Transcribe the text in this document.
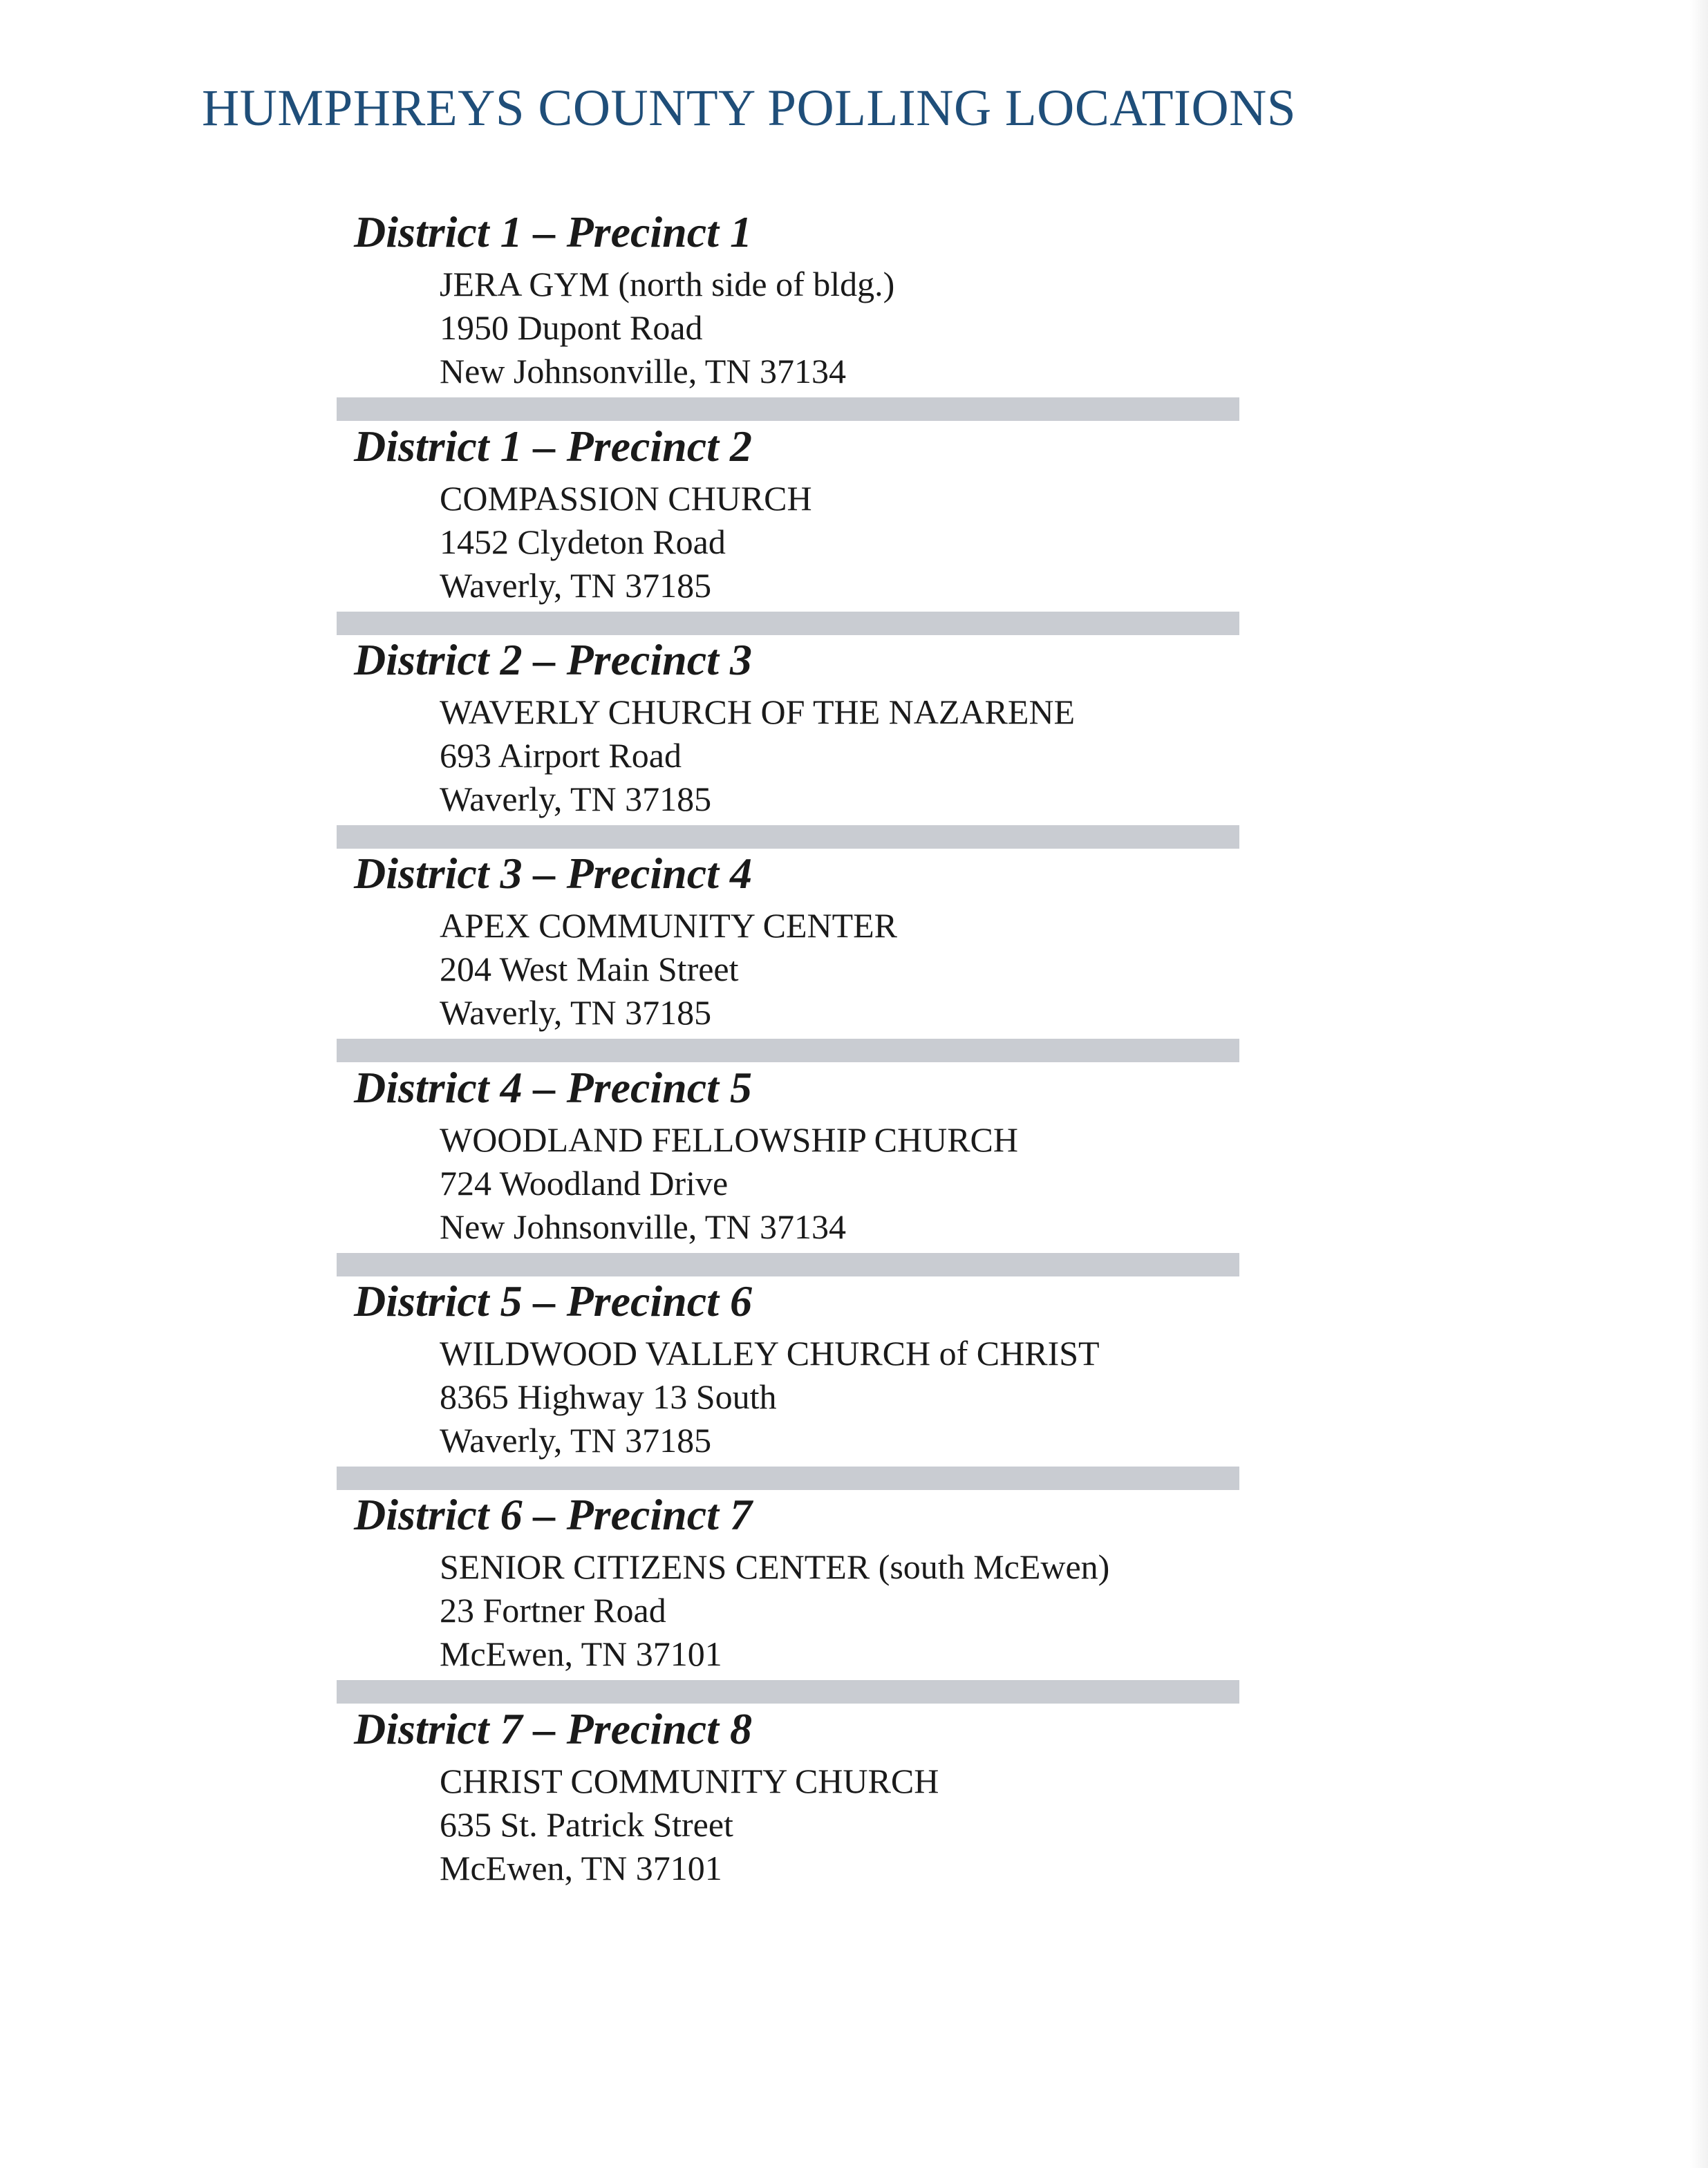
HUMPHREYS COUNTY POLLING LOCATIONS
District 1 – Precinct 1
JERA GYM (north side of bldg.)
1950 Dupont Road
New Johnsonville, TN 37134
District 1 – Precinct 2
COMPASSION CHURCH
1452 Clydeton Road
Waverly, TN 37185
District 2 – Precinct 3
WAVERLY CHURCH OF THE NAZARENE
693 Airport Road
Waverly, TN 37185
District 3 – Precinct 4
APEX COMMUNITY CENTER
204 West Main Street
Waverly, TN 37185
District 4 – Precinct 5
WOODLAND FELLOWSHIP CHURCH
724 Woodland Drive
New Johnsonville, TN 37134
District 5 – Precinct 6
WILDWOOD VALLEY CHURCH of CHRIST
8365 Highway 13 South
Waverly, TN 37185
District 6 – Precinct 7
SENIOR CITIZENS CENTER (south McEwen)
23 Fortner Road
McEwen, TN 37101
District 7 – Precinct 8
CHRIST COMMUNITY CHURCH
635 St. Patrick Street
McEwen, TN 37101
